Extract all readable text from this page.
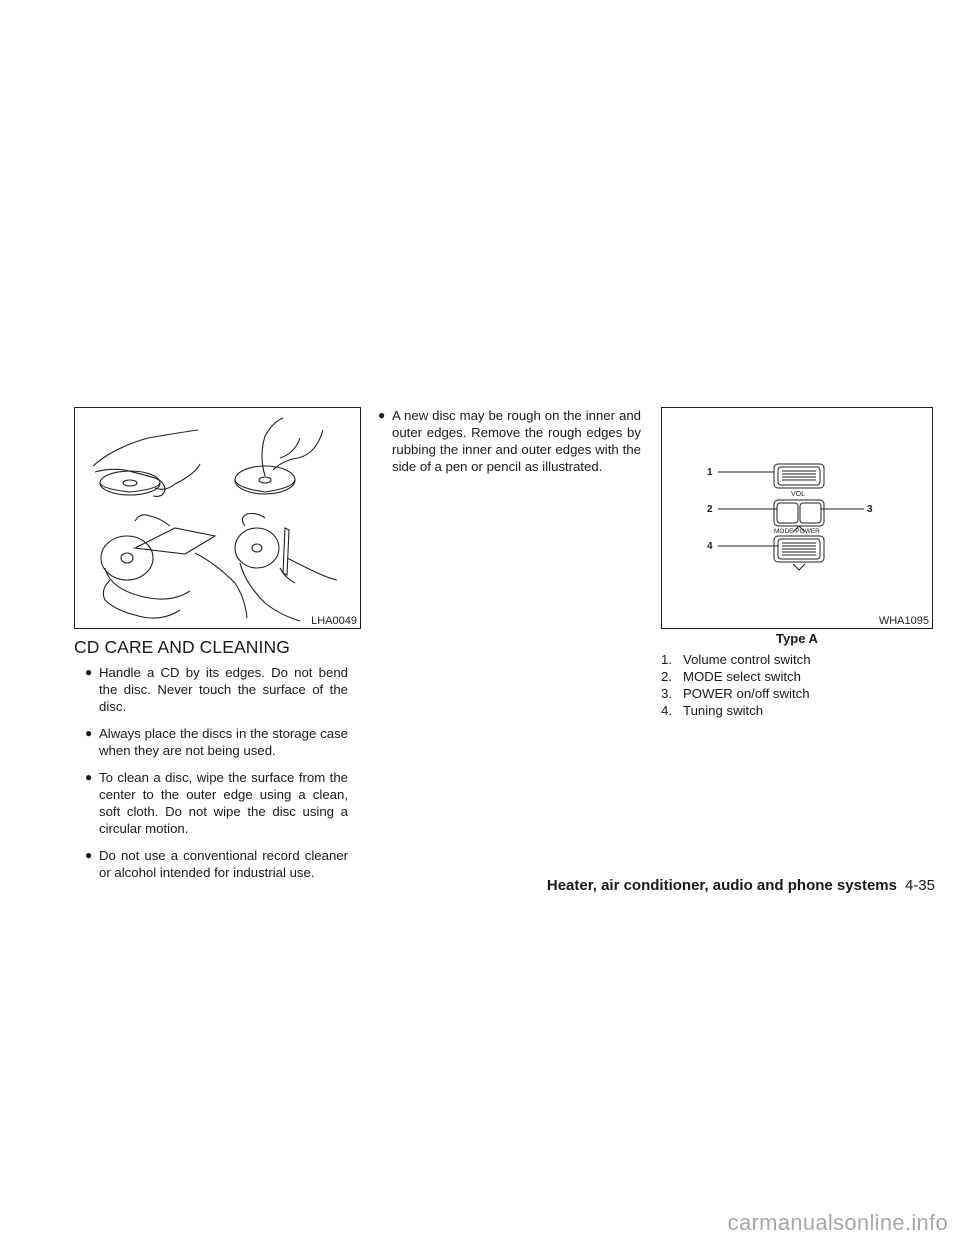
LHA0049
1
2	3
4
VOL
MODE POWER
WHA1095
Type A
CD CARE AND CLEANING
● Handle a CD by its edges. Do not bend the disc. Never touch the surface of the disc.
● Always place the discs in the storage case when they are not being used.
● To clean a disc, wipe the surface from the center to the outer edge using a clean, soft cloth. Do not wipe the disc using a circular motion.
● Do not use a conventional record cleaner or alcohol intended for industrial use.
● A new disc may be rough on the inner and outer edges. Remove the rough edges by rubbing the inner and outer edges with the side of a pen or pencil as illustrated.
1. Volume control switch
2. MODE select switch
3. POWER on/off switch
4. Tuning switch
Heater, air conditioner, audio and phone systems 4-35
carmanualsonline.info
